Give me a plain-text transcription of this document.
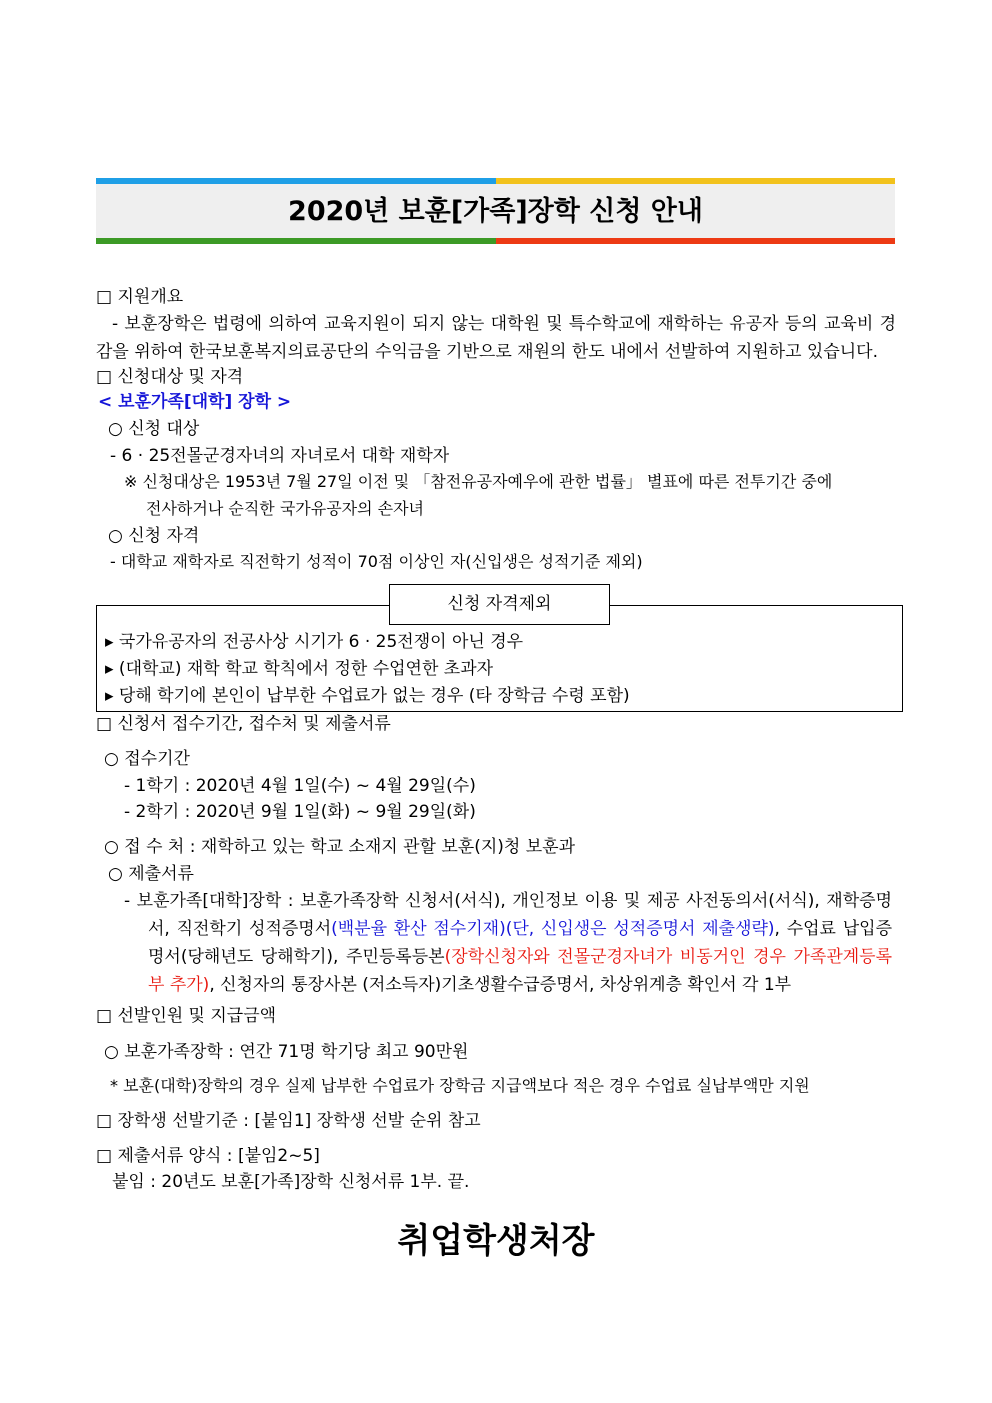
2020년 보훈[가족]장학 신청 안내
□ 지원개요
- 보훈장학은 법령에 의하여 교육지원이 되지 않는 대학원 및 특수학교에 재학하는 유공자 등의 교육비 경감을 위하여 한국보훈복지의료공단의 수익금을 기반으로 재원의 한도 내에서 선발하여 지원하고 있습니다.
□ 신청대상 및 자격
< 보훈가족[대학] 장학 >
○ 신청 대상
- 6 · 25전몰군경자녀의 자녀로서 대학 재학자
※ 신청대상은 1953년 7월 27일 이전 및 「참전유공자예우에 관한 법률」 별표에 따른 전투기간 중에
전사하거나 순직한 국가유공자의 손자녀
○ 신청 자격
- 대학교 재학자로 직전학기 성적이 70점 이상인 자(신입생은 성적기준 제외)
▸ 국가유공자의 전공사상 시기가 6 · 25전쟁이 아닌 경우
▸ (대학교) 재학 학교 학칙에서 정한 수업연한 초과자
▸ 당해 학기에 본인이 납부한 수업료가 없는 경우 (타 장학금 수령 포함)
신청 자격제외
□ 신청서 접수기간, 접수처 및 제출서류
○ 접수기간
- 1학기 : 2020년 4월 1일(수) ~ 4월 29일(수)
- 2학기 : 2020년 9월 1일(화) ~ 9월 29일(화)
○ 접 수 처 : 재학하고 있는 학교 소재지 관할 보훈(지)청 보훈과
○ 제출서류
- 보훈가족[대학]장학 : 보훈가족장학 신청서(서식), 개인정보 이용 및 제공 사전동의서(서식), 재학증명서, 직전학기 성적증명서(백분율 환산 점수기재)(단, 신입생은 성적증명서 제출생략), 수업료 납입증명서(당해년도 당해학기), 주민등록등본(장학신청자와 전몰군경자녀가 비동거인 경우 가족관계등록부 추가), 신청자의 통장사본 (저소득자)기초생활수급증명서, 차상위계층 확인서 각 1부
□ 선발인원 및 지급금액
○ 보훈가족장학 : 연간 71명 학기당 최고 90만원
* 보훈(대학)장학의 경우 실제 납부한 수업료가 장학금 지급액보다 적은 경우 수업료 실납부액만 지원
□ 장학생 선발기준 : [붙임1] 장학생 선발 순위 참고
□ 제출서류 양식 : [붙임2~5]
붙임 : 20년도 보훈[가족]장학 신청서류 1부. 끝.
취업학생처장
